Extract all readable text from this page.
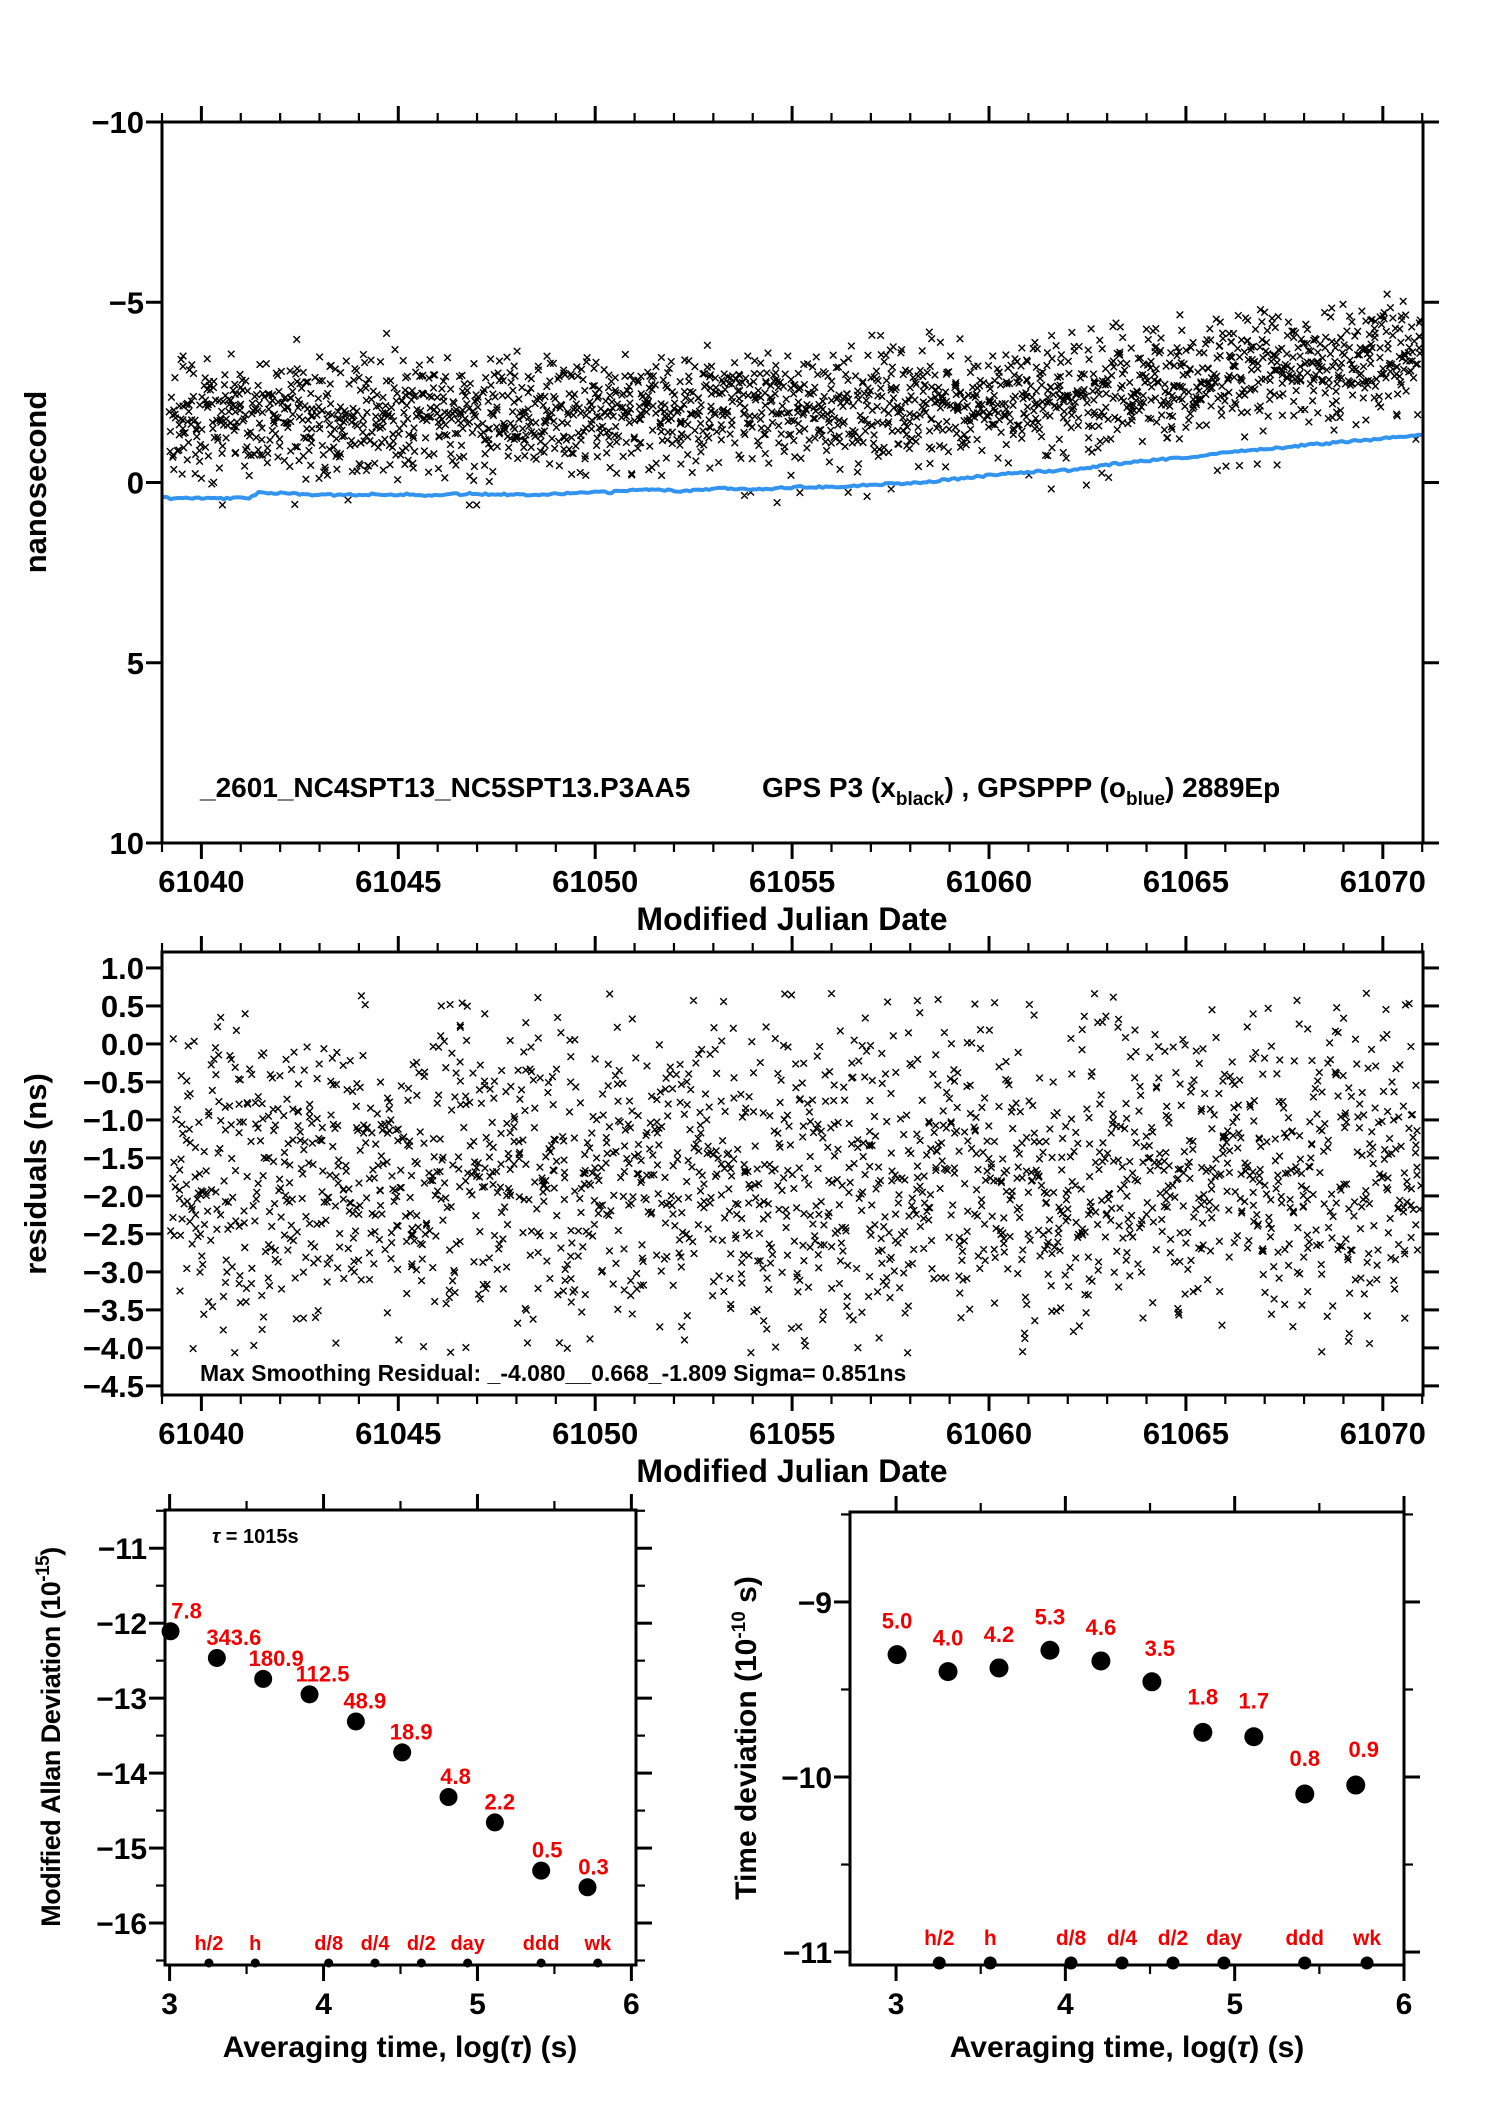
61040	61045	61050	61055	61060	61065	61070
10
5
0
−5
−10
nanosecond
_2601_NC4SPT13_NC5SPT13.P3AA5	GPS P3 $(x_{black})$ , GPSPPP $(o_{blue})$ 2889Ep
Modified Julian Date
61040	61045	61050	61055	61060	61065	61070
1.0
0.5
0.0
−0.5
−1.0
−1.5
−2.0
−2.5
−3.0
−3.5
−4.0
−4.5
residuals (ns)
Max Smoothing Residual: _-4.080__0.668_-1.809 Sigma= 0.851ns
Modified Julian Date
3	4	5	6
−11
−12
−13
−14
−15
−16
7.8
343.6
180.9
112.5
48.9
18.9
4.8
2.2
0.5
0.3
h/2 h	d/8 d/4 d/2 day ddd wk
Modified Allan Deviation $(10^{-15})$
τ = 1015s
Averaging time, log(τ) (s)
3	4	5	6
−9
−10
−11
5.0
4.0 4.2
5.3 4.6
3.5
1.8 1.7
0.8 0.9
h/2 h	d/8 d/4 d/2 day ddd wk
Time deviation ($10^{-10}$ s)
Averaging time, log(τ) (s)
